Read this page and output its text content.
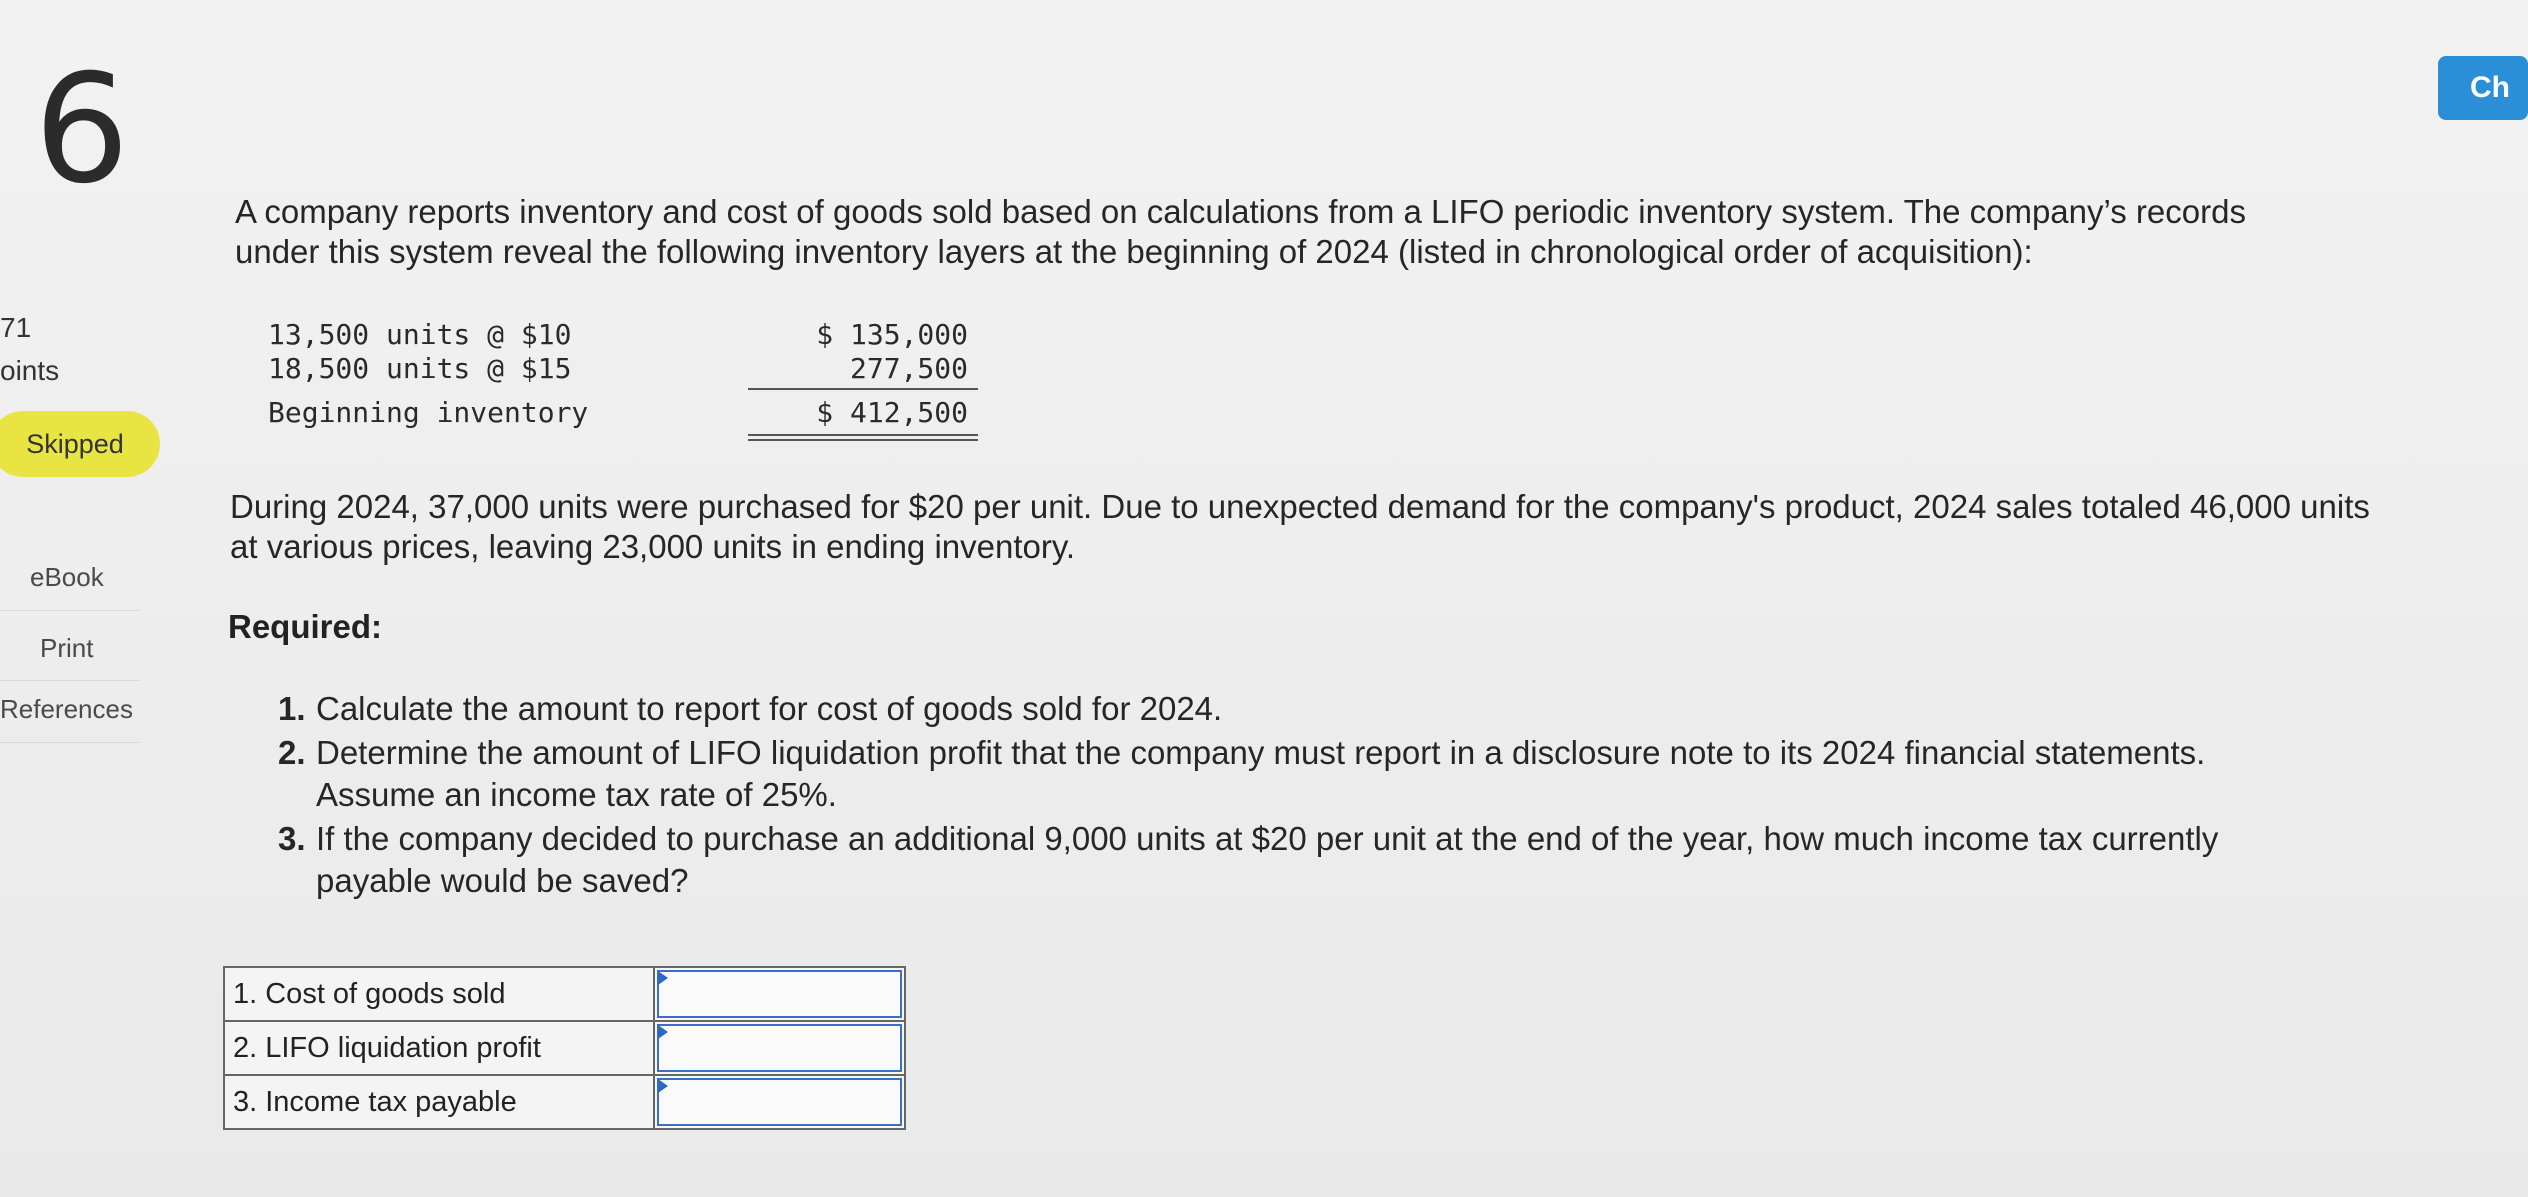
6
71
oints
Skipped
eBook
Print
References
Ch
A company reports inventory and cost of goods sold based on calculations from a LIFO periodic inventory system. The company’s records under this system reveal the following inventory layers at the beginning of 2024 (listed in chronological order of acquisition):
13,500 units @ $10	$ 135,000
18,500 units @ $15	277,500
Beginning inventory	$ 412,500
During 2024, 37,000 units were purchased for $20 per unit. Due to unexpected demand for the company's product, 2024 sales totaled 46,000 units at various prices, leaving 23,000 units in ending inventory.
Required:
1. Calculate the amount to report for cost of goods sold for 2024.
2. Determine the amount of LIFO liquidation profit that the company must report in a disclosure note to its 2024 financial statements. Assume an income tax rate of 25%.
3. If the company decided to purchase an additional 9,000 units at $20 per unit at the end of the year, how much income tax currently payable would be saved?
1. Cost of goods sold	

2. LIFO liquidation profit	

3. Income tax payable	
